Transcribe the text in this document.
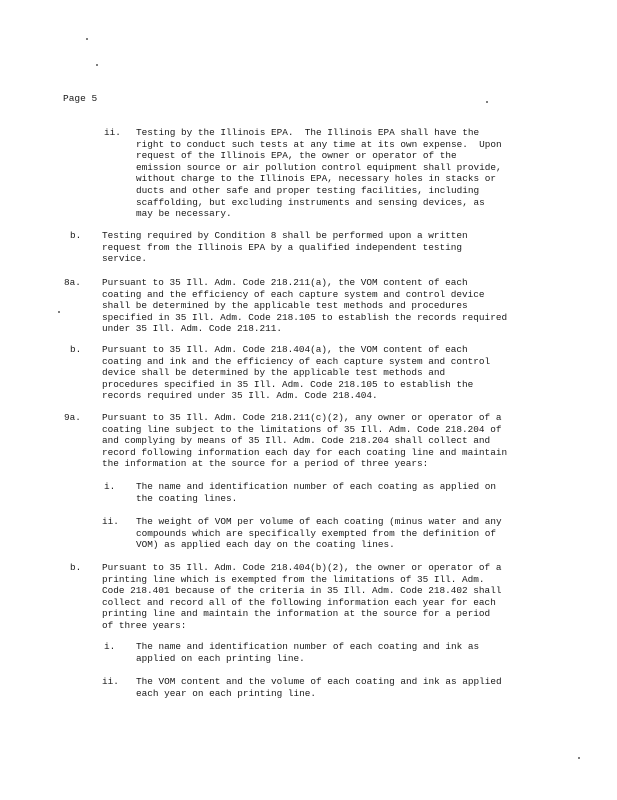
Page 5
ii. Testing by the Illinois EPA.  The Illinois EPA shall have the
right to conduct such tests at any time at its own expense.  Upon
request of the Illinois EPA, the owner or operator of the
emission source or air pollution control equipment shall provide,
without charge to the Illinois EPA, necessary holes in stacks or
ducts and other safe and proper testing facilities, including
scaffolding, but excluding instruments and sensing devices, as
may be necessary.
b. Testing required by Condition 8 shall be performed upon a written
request from the Illinois EPA by a qualified independent testing
service.
8a. Pursuant to 35 Ill. Adm. Code 218.211(a), the VOM content of each
coating and the efficiency of each capture system and control device
shall be determined by the applicable test methods and procedures
specified in 35 Ill. Adm. Code 218.105 to establish the records required
under 35 Ill. Adm. Code 218.211.
b. Pursuant to 35 Ill. Adm. Code 218.404(a), the VOM content of each
coating and ink and the efficiency of each capture system and control
device shall be determined by the applicable test methods and
procedures specified in 35 Ill. Adm. Code 218.105 to establish the
records required under 35 Ill. Adm. Code 218.404.
9a. Pursuant to 35 Ill. Adm. Code 218.211(c)(2), any owner or operator of a
coating line subject to the limitations of 35 Ill. Adm. Code 218.204 of
and complying by means of 35 Ill. Adm. Code 218.204 shall collect and
record following information each day for each coating line and maintain
the information at the source for a period of three years:
i. The name and identification number of each coating as applied on
the coating lines.
ii. The weight of VOM per volume of each coating (minus water and any
compounds which are specifically exempted from the definition of
VOM) as applied each day on the coating lines.
b. Pursuant to 35 Ill. Adm. Code 218.404(b)(2), the owner or operator of a
printing line which is exempted from the limitations of 35 Ill. Adm.
Code 218.401 because of the criteria in 35 Ill. Adm. Code 218.402 shall
collect and record all of the following information each year for each
printing line and maintain the information at the source for a period
of three years:
i. The name and identification number of each coating and ink as
applied on each printing line.
ii. The VOM content and the volume of each coating and ink as applied
each year on each printing line.
